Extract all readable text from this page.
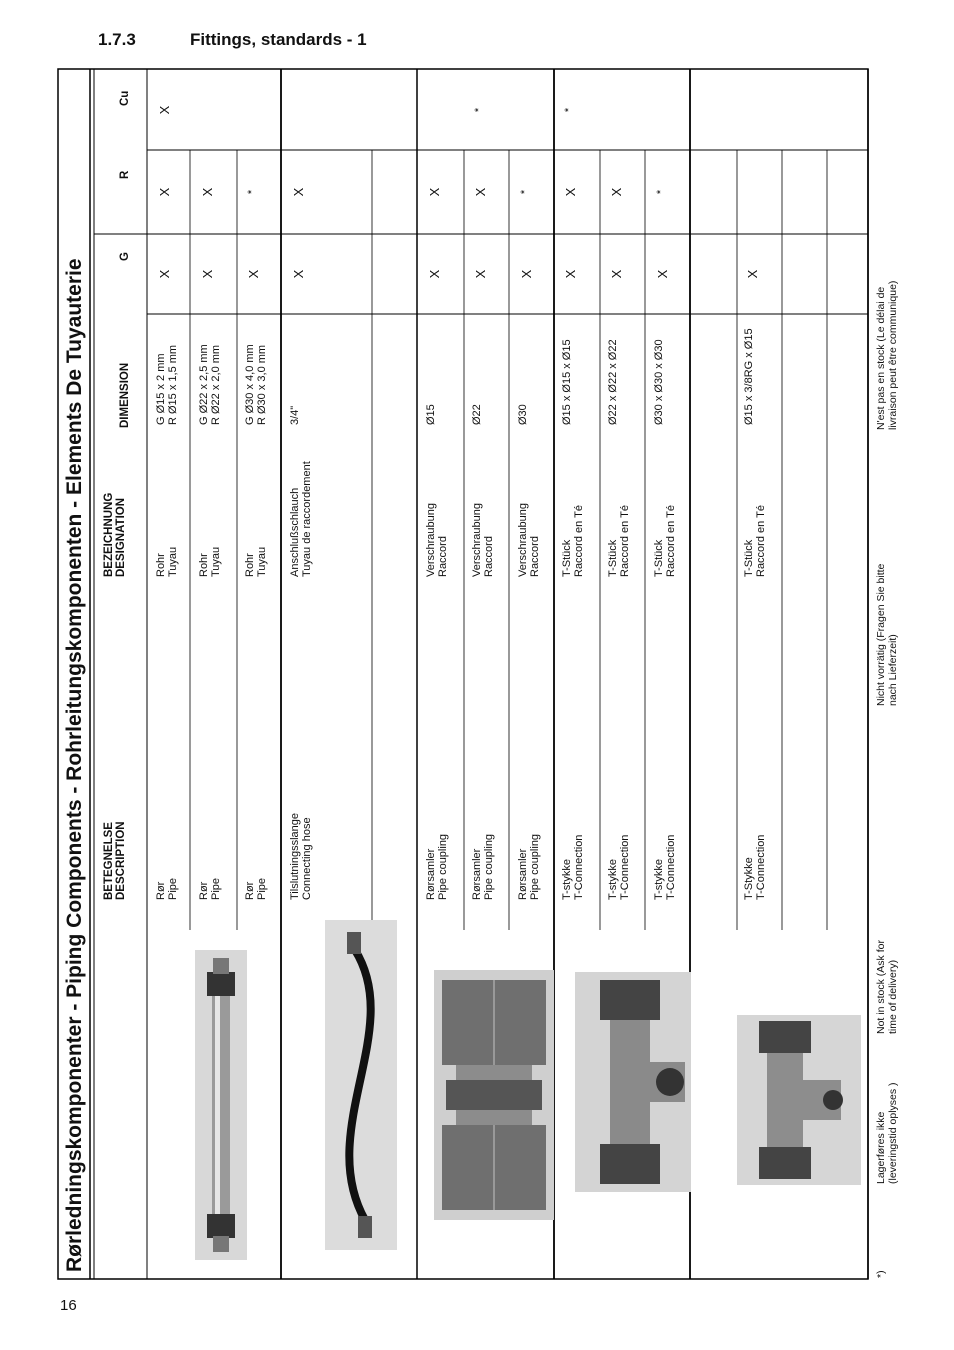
1.7.3	Fittings, standards - 1
16
Rørledningskomponenter - Piping Components - Rohrleitungskomponenten - Elements De Tuyauterie BETEGNELSE
DESCRIPTION
BEZEICHNUNG
DESIGNATION
DIMENSION
G
R
Cu
Rør
Pipe
Rohr
Tuyau
G Ø15 x 2 mm
R Ø15 x 1,5 mm
X
X
X
Rør
Pipe
Rohr
Tuyau
G Ø22 x 2,5 mm
R Ø22 x 2,0 mm
X
X
Rør
Pipe
Rohr
Tuyau
G Ø30 x 4,0 mm
R Ø30 x 3,0 mm
X
*
Tilslutningsslange
Connecting hose
Anschlußschlauch
Tuyau de raccordement
3/4"
X
X
Rørsamler
Pipe coupling
Verschraubung
Raccord
Ø15
X
X
Rørsamler
Pipe coupling
Verschraubung
Raccord
Ø22
X
X
*
Rørsamler
Pipe coupling
Verschraubung
Raccord
Ø30
X
*
T-stykke
T-Connection
T-Stück
Raccord en Té
Ø15 x Ø15 x Ø15
X
X
*
T-stykke
T-Connection
T-Stück
Raccord en Té
Ø22 x Ø22 x Ø22
X
X
T-stykke
T-Connection
T-Stück
Raccord en Té
Ø30 x Ø30 x Ø30
X
*
T-Stykke
T-Connection
T-Stück
Raccord en Té
Ø15 x 3/8RG x Ø15
X
*)
Lagerføres ikke
(leveringstid oplyses )
Not in stock (Ask for
time of delivery)
Nicht vorrätig (Fragen Sie bitte
nach Lieferzeit)
N'est pas en stock (Le délai de
livraison peut être communique)
